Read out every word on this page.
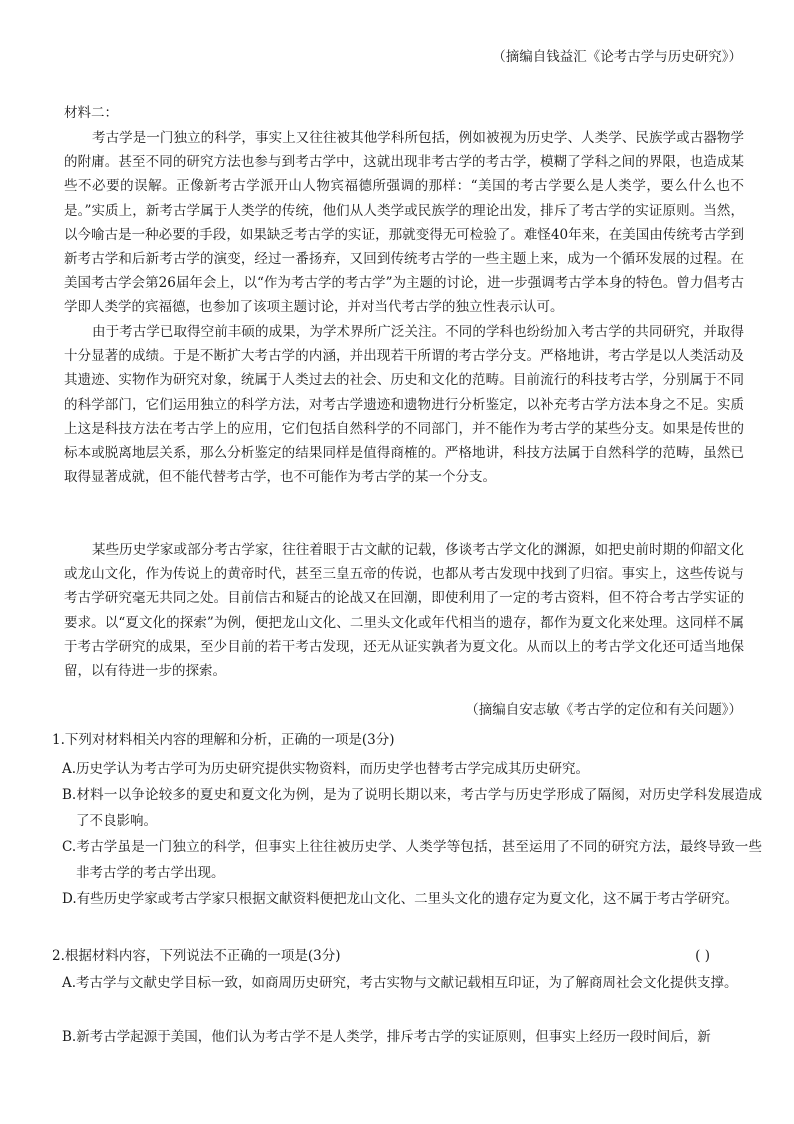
（摘编自钱益汇《论考古学与历史研究》）
材料二：

考古学是一门独立的科学，事实上又往往被其他学科所包括，例如被视为历史学、人类学、民族学或古器物学的附庸。甚至不同的研究方法也参与到考古学中，这就出现非考古学的考古学，模糊了学科之间的界限，也造成某些不必要的误解。正像新考古学派开山人物宾福德所强调的那样：“美国的考古学要么是人类学，要么什么也不是。”实质上，新考古学属于人类学的传统，他们从人类学或民族学的理论出发，排斥了考古学的实证原则。当然，以今喻古是一种必要的手段，如果缺乏考古学的实证，那就变得无可检验了。难怪40年来，在美国由传统考古学到新考古学和后新考古学的演变，经过一番扬弃，又回到传统考古学的一些主题上来，成为一个循环发展的过程。在美国考古学会第26届年会上，以“作为考古学的考古学”为主题的讨论，进一步强调考古学本身的特色。曾力倡考古学即人类学的宾福德，也参加了该项主题讨论，并对当代考古学的独立性表示认可。

由于考古学已取得空前丰硕的成果，为学术界所广泛关注。不同的学科也纷纷加入考古学的共同研究，并取得十分显著的成绩。于是不断扩大考古学的内涵，并出现若干所谓的考古学分支。严格地讲，考古学是以人类活动及其遗迹、实物作为研究对象，统属于人类过去的社会、历史和文化的范畴。目前流行的科技考古学，分别属于不同的科学部门，它们运用独立的科学方法，对考古学遗迹和遗物进行分析鉴定，以补充考古学方法本身之不足。实质上这是科技方法在考古学上的应用，它们包括自然科学的不同部门，并不能作为考古学的某些分支。如果是传世的标本或脱离地层关系，那么分析鉴定的结果同样是值得商榷的。严格地讲，科技方法属于自然科学的范畴，虽然已取得显著成就，但不能代替考古学，也不可能作为考古学的某一个分支。

某些历史学家或部分考古学家，往往着眼于古文献的记载，侈谈考古学文化的渊源，如把史前时期的仰韶文化或龙山文化，作为传说上的黄帝时代，甚至三皇五帝的传说，也都从考古发现中找到了归宿。事实上，这些传说与考古学研究毫无共同之处。目前信古和疑古的论战又在回潮，即使利用了一定的考古资料，但不符合考古学实证的要求。以“夏文化的探索”为例，便把龙山文化、二里头文化或年代相当的遗存，都作为夏文化来处理。这同样不属于考古学研究的成果，至少目前的若干考古发现，还无从证实孰者为夏文化。从而以上的考古学文化还可适当地保留，以有待进一步的探索。

（摘编自安志敏《考古学的定位和有关问题》）
1.下列对材料相关内容的理解和分析，正确的一项是(3分)
A.历史学认为考古学可为历史研究提供实物资料，而历史学也替考古学完成其历史研究。
B.材料一以争论较多的夏史和夏文化为例，是为了说明长期以来，考古学与历史学形成了隔阂，对历史学科发展造成了不良影响。
C.考古学虽是一门独立的科学，但事实上往往被历史学、人类学等包括，甚至运用了不同的研究方法，最终导致一些非考古学的考古学出现。
D.有些历史学家或考古学家只根据文献资料便把龙山文化、二里头文化的遗存定为夏文化，这不属于考古学研究。
2.根据材料内容，下列说法不正确的一项是(3分)	( )
A.考古学与文献史学目标一致，如商周历史研究，考古实物与文献记载相互印证，为了解商周社会文化提供支撑。
B.新考古学起源于美国，他们认为考古学不是人类学，排斥考古学的实证原则，但事实上经历一段时间后，新
